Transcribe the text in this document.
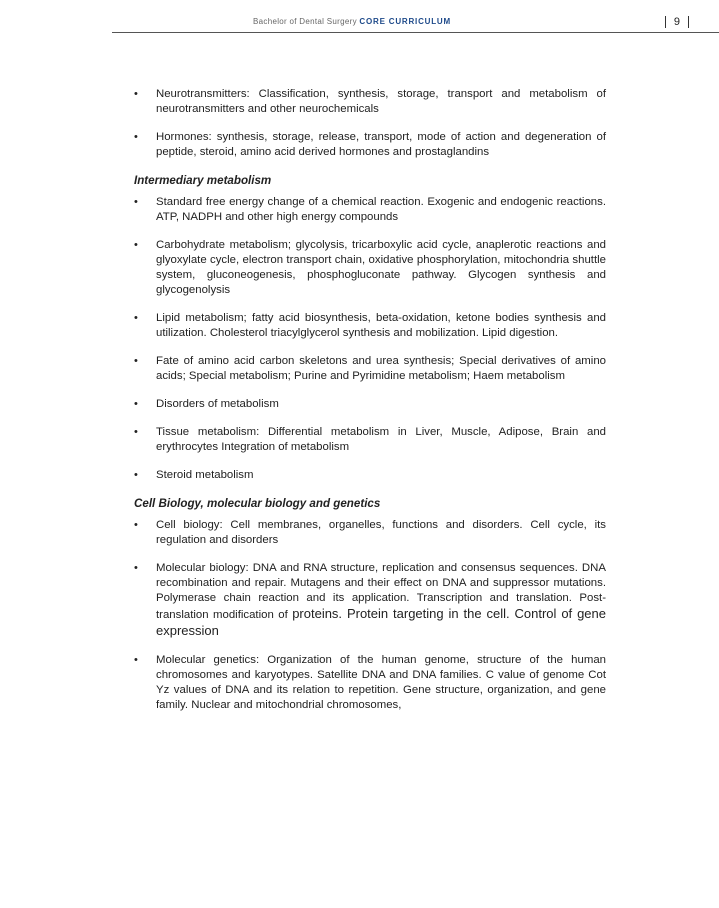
Bachelor of Dental Surgery CORE CURRICULUM	9
• Neurotransmitters: Classification, synthesis, storage, transport and metabolism of neurotransmitters and other neurochemicals
• Hormones: synthesis, storage, release, transport, mode of action and degeneration of peptide, steroid, amino acid derived hormones and prostaglandins
Intermediary metabolism
• Standard free energy change of a chemical reaction. Exogenic and endogenic reactions. ATP, NADPH and other high energy compounds
• Carbohydrate metabolism; glycolysis, tricarboxylic acid cycle, anaplerotic reactions and glyoxylate cycle, electron transport chain, oxidative phosphorylation, mitochondria shuttle system, gluconeogenesis, phosphogluconate pathway. Glycogen synthesis and glycogenolysis
• Lipid metabolism; fatty acid biosynthesis, beta-oxidation, ketone bodies synthesis and utilization. Cholesterol triacylglycerol synthesis and mobilization. Lipid digestion.
• Fate of amino acid carbon skeletons and urea synthesis; Special derivatives of amino acids; Special metabolism; Purine and Pyrimidine metabolism; Haem metabolism
• Disorders of metabolism
• Tissue metabolism: Differential metabolism in Liver, Muscle, Adipose, Brain and erythrocytes Integration of metabolism
• Steroid metabolism
Cell Biology, molecular biology and genetics
• Cell biology: Cell membranes, organelles, functions and disorders. Cell cycle, its regulation and disorders
• Molecular biology: DNA and RNA structure, replication and consensus sequences. DNA recombination and repair. Mutagens and their effect on DNA and suppressor mutations. Polymerase chain reaction and its application. Transcription and translation. Post-translation modification of proteins. Protein targeting in the cell. Control of gene expression
• Molecular genetics: Organization of the human genome, structure of the human chromosomes and karyotypes. Satellite DNA and DNA families. C value of genome Cot Yz values of DNA and its relation to repetition. Gene structure, organization, and gene family. Nuclear and mitochondrial chromosomes,
